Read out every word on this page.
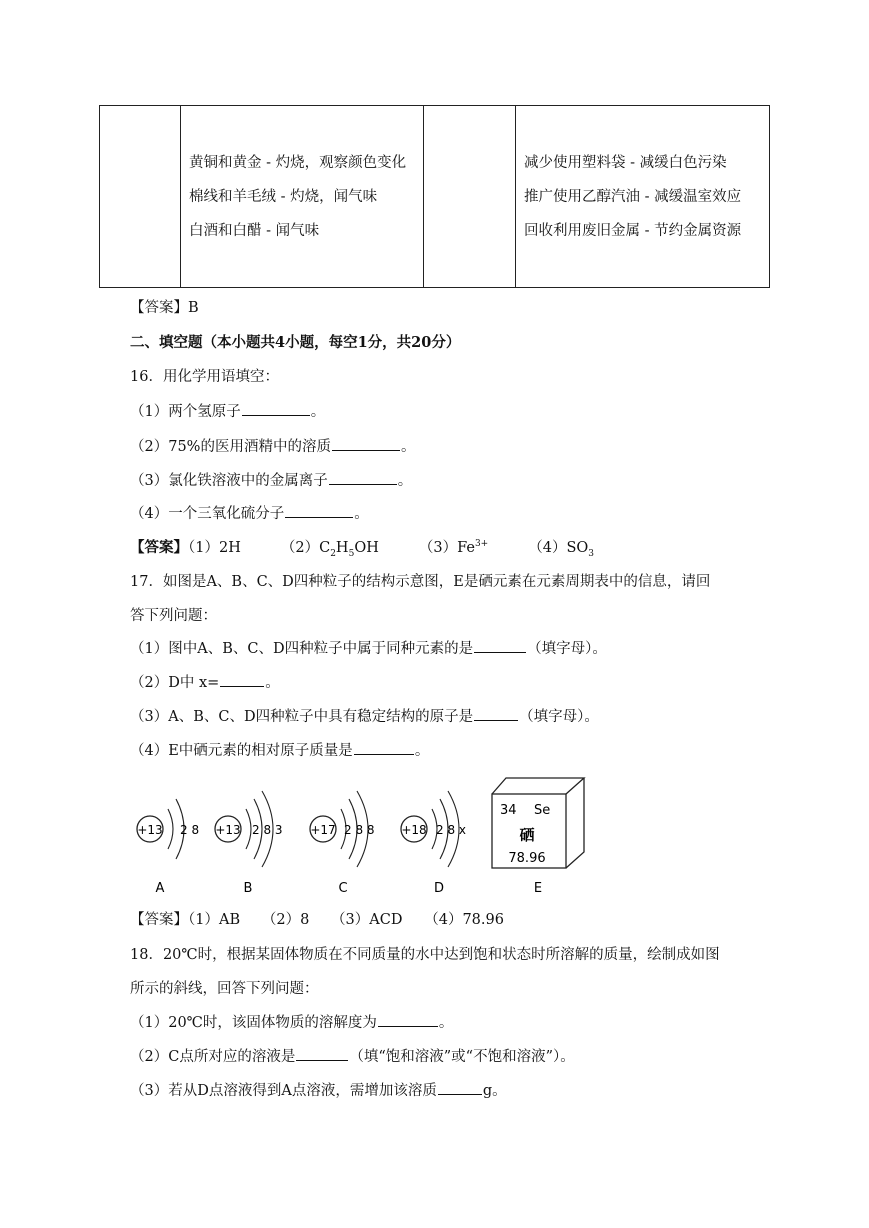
黄铜和黄金 - 灼烧，观察颜色变化
棉线和羊毛绒 - 灼烧，闻气味
白酒和白醋 - 闻气味

减少使用塑料袋 - 减缓白色污染
推广使用乙醇汽油 - 减缓温室效应
回收利用废旧金属 - 节约金属资源
【答案】B
二、填空题（本小题共4小题，每空1分，共20分）
16．用化学用语填空：
（1）两个氢原子	。
（2）75%的医用酒精中的溶质	。
（3）氯化铁溶液中的金属离子	。
（4）一个三氧化硫分子	。
【答案】（1）2H	$(2)C_2H_5OH$	$(3)Fe^{3+}$	$(4)SO_3$
17．如图是A、B、C、D四种粒子的结构示意图，E是硒元素在元素周期表中的信息，请回
答下列问题：
（1）图中A、B、C、D四种粒子中属于同种元素的是	（填字母）。
（2）D中 x=	。
（3）A、B、C、D四种粒子中具有稳定结构的原子是	（填字母）。
（4）E中硒元素的相对原子质量是	。
+13 2 8
A
+13 2 8 3
B
+17 2 8 8
C
+18 2 8 x
D
34 Se
硒
78.96
E
【答案】（1）AB　　（2）8　　（3）ACD　　（4）78.96
18．20℃时，根据某固体物质在不同质量的水中达到饱和状态时所溶解的质量，绘制成如图
所示的斜线，回答下列问题：
（1）20℃时，该固体物质的溶解度为	。
（2）C点所对应的溶液是	（填“饱和溶液”或“不饱和溶液”）。
（3）若从D点溶液得到A点溶液，需增加该溶质	g。
